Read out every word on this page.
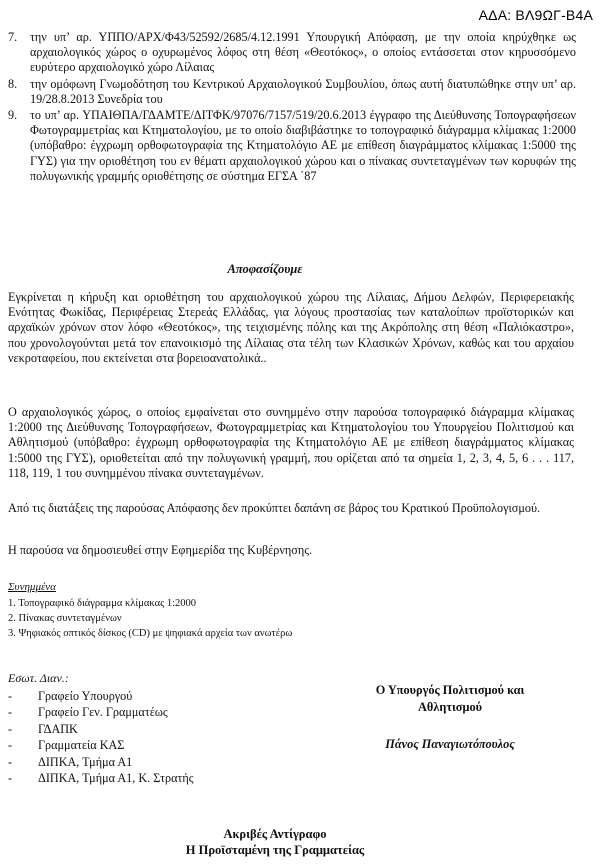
ΑΔΑ: ΒΛ9ΩΓ-Β4Α
7.	την υπ’ αρ. ΥΠΠΟ/ΑΡΧ/Φ43/52592/2685/4.12.1991 Υπουργική Απόφαση, με την οποία κηρύχθηκε ως αρχαιολογικός χώρος ο οχυρωμένος λόφος στη θέση «Θεοτόκος», ο οποίος εντάσσεται στον κηρυσσόμενο ευρύτερο αρχαιολογικό χώρο Λίλαιας
8.	την ομόφωνη Γνωμοδότηση του Κεντρικού Αρχαιολογικού Συμβουλίου, όπως αυτή διατυπώθηκε στην υπ’ αρ. 19/28.8.2013 Συνεδρία του
9.	το υπ’ αρ. ΥΠΑΙΘΠΑ/ΓΔΑΜΤΕ/ΔΙΤΦΚ/97076/7157/519/20.6.2013 έγγραφο της Διεύθυνσης Τοπογραφήσεων Φωτογραμμετρίας και Κτηματολογίου, με το οποίο διαβιβάστηκε το τοπογραφικό διάγραμμα κλίμακας 1:2000 (υπόβαθρο: έγχρωμη ορθοφωτογραφία της Κτηματολόγιο ΑΕ με επίθεση διαγράμματος κλίμακας 1:5000 της ΓΥΣ) για την οριοθέτηση του εν θέματι αρχαιολογικού χώρου και ο πίνακας συντεταγμένων των κορυφών της πολυγωνικής γραμμής οριοθέτησης σε σύστημα ΕΓΣΑ ΄87
Αποφασίζουμε
Εγκρίνεται η κήρυξη και οριοθέτηση του αρχαιολογικού χώρου της Λίλαιας, Δήμου Δελφών, Περιφερειακής Ενότητας Φωκίδας, Περιφέρειας Στερεάς Ελλάδας, για λόγους προστασίας των καταλοίπων προϊστορικών και αρχαϊκών χρόνων στον λόφο «Θεοτόκος», της τειχισμένης πόλης και της Ακρόπολης στη θέση «Παλιόκαστρο», που χρονολογούνται μετά τον επανοικισμό της Λίλαιας στα τέλη των Κλασικών Χρόνων, καθώς και του αρχαίου νεκροταφείου, που εκτείνεται στα βορειοανατολικά..
Ο αρχαιολογικός χώρος, ο οποίος εμφαίνεται στο συνημμένο στην παρούσα τοπογραφικό διάγραμμα κλίμακας 1:2000 της Διεύθυνσης Τοπογραφήσεων, Φωτογραμμετρίας και Κτηματολογίου του Υπουργείου Πολιτισμού και Αθλητισμού (υπόβαθρο: έγχρωμη ορθοφωτογραφία της Κτηματολόγιο ΑΕ με επίθεση διαγράμματος κλίμακας 1:5000 της ΓΥΣ), οριοθετείται από την πολυγωνική γραμμή, που ορίζεται από τα σημεία 1, 2, 3, 4, 5, 6 . . . 117, 118, 119, 1 του συνημμένου πίνακα συντεταγμένων.
Από τις διατάξεις της παρούσας Απόφασης δεν προκύπτει δαπάνη σε βάρος του Κρατικού Προϋπολογισμού.
Η παρούσα να δημοσιευθεί στην Εφημερίδα της Κυβέρνησης.
Συνημμένα
1. Τοπογραφικό διάγραμμα κλίμακας 1:2000
2. Πίνακας συντεταγμένων
3. Ψηφιακός οπτικός δίσκος (CD) με ψηφιακά αρχεία των ανωτέρω
Εσωτ. Διαν.:
-	Γραφείο Υπουργού
-	Γραφείο Γεν. Γραμματέως
-	ΓΔΑΠΚ
-	Γραμματεία ΚΑΣ
-	ΔΙΠΚΑ, Τμήμα Α1
-	ΔΙΠΚΑ, Τμήμα Α1, Κ. Στρατής
Ο Υπουργός Πολιτισμού και
Αθλητισμού
Πάνος Παναγιωτόπουλος
Ακριβές Αντίγραφο
Η Προϊσταμένη της Γραμματείας
